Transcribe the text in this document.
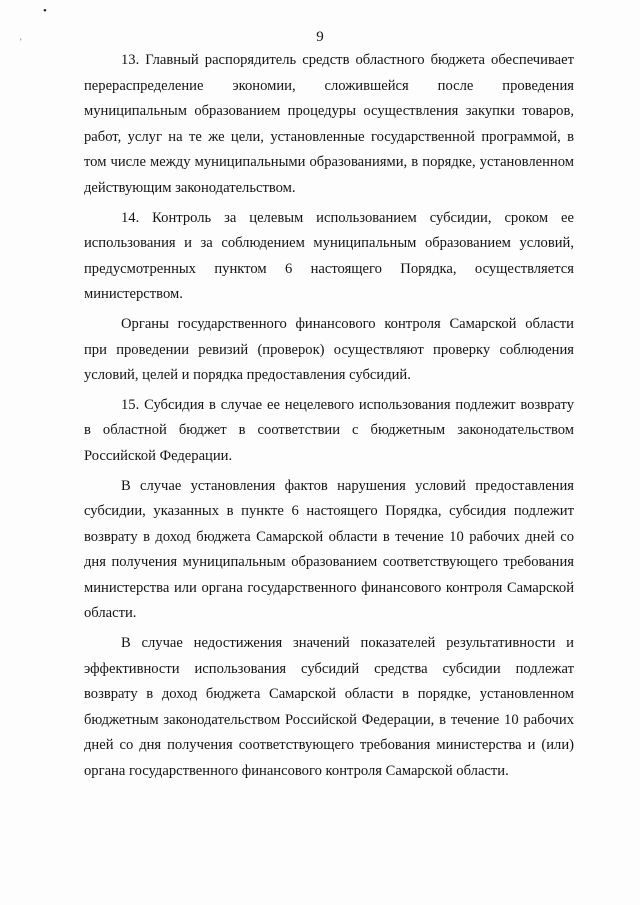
•
'	9

13. Главный распорядитель средств областного бюджета обеспечивает перераспределение экономии, сложившейся после проведения муниципальным образованием процедуры осуществления закупки товаров, работ, услуг на те же цели, установленные государственной программой, в том числе между муниципальными образованиями, в порядке, установленном действующим законодательством.

14. Контроль за целевым использованием субсидии, сроком ее использования и за соблюдением муниципальным образованием условий, предусмотренных пунктом 6 настоящего Порядка, осуществляется министерством.

Органы государственного финансового контроля Самарской области при проведении ревизий (проверок) осуществляют проверку соблюдения условий, целей и порядка предоставления субсидий.

15. Субсидия в случае ее нецелевого использования подлежит возврату в областной бюджет в соответствии с бюджетным законодательством Российской Федерации.

В случае установления фактов нарушения условий предоставления субсидии, указанных в пункте 6 настоящего Порядка, субсидия подлежит возврату в доход бюджета Самарской области в течение 10 рабочих дней со дня получения муниципальным образованием соответствующего требования министерства или органа государственного финансового контроля Самарской области.

В случае недостижения значений показателей результативности и эффективности использования субсидий средства субсидии подлежат возврату в доход бюджета Самарской области в порядке, установленном бюджетным законодательством Российской Федерации, в течение 10 рабочих дней со дня получения соответствующего требования министерства и (или) органа государственного финансового контроля Самарской области.
